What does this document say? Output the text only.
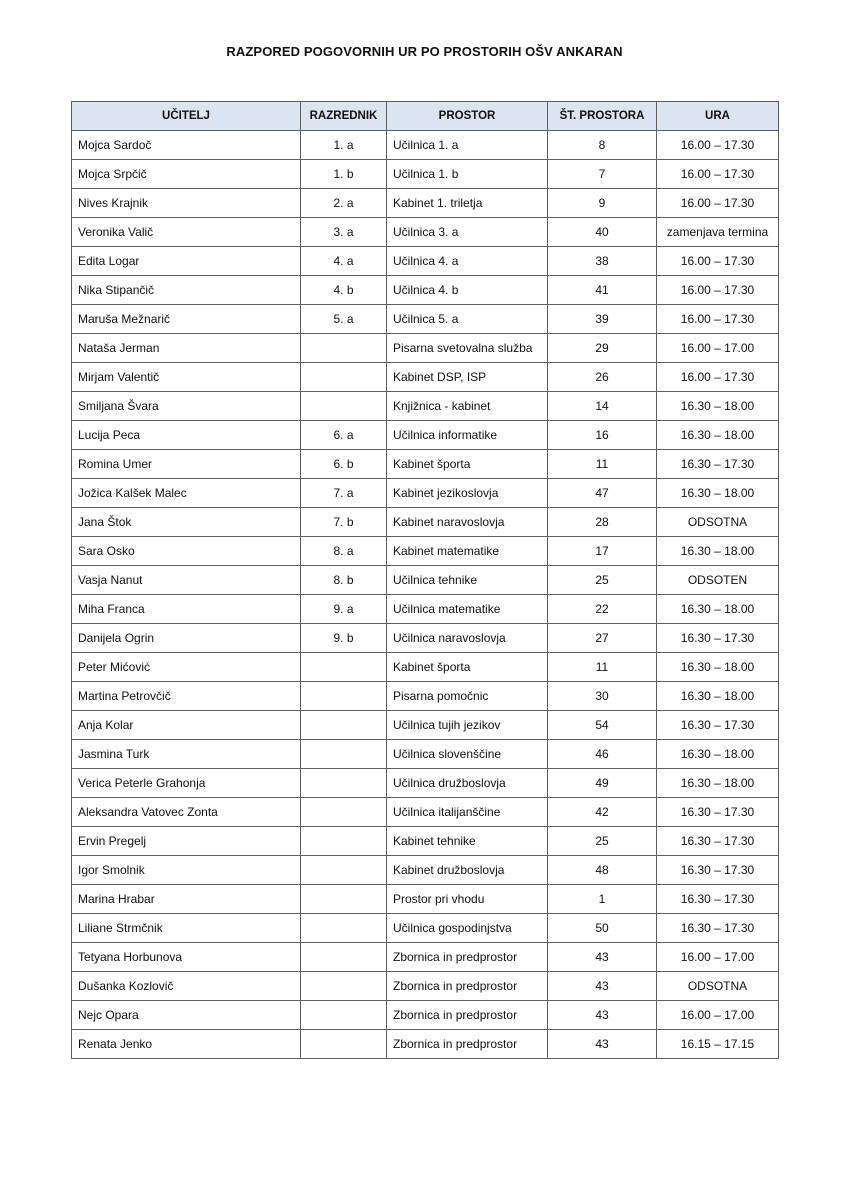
RAZPORED POGOVORNIH UR PO PROSTORIH OŠV ANKARAN
UČITELJ	RAZREDNIK	PROSTOR	ŠT. PROSTORA	URA
Mojca Sardoč	1. a	Učilnica 1. a	8	16.00 – 17.30
Mojca Srpčič	1. b	Učilnica 1. b	7	16.00 – 17.30
Nives Krajnik	2. a	Kabinet 1. triletja	9	16.00 – 17.30
Veronika Valič	3. a	Učilnica 3. a	40	zamenjava termina
Edita Logar	4. a	Učilnica 4. a	38	16.00 – 17.30
Nika Stipančič	4. b	Učilnica 4. b	41	16.00 – 17.30
Maruša Mežnarič	5. a	Učilnica 5. a	39	16.00 – 17.30
Nataša Jerman		Pisarna svetovalna služba	29	16.00 – 17.00
Mirjam Valentič		Kabinet DSP, ISP	26	16.00 – 17.30
Smiljana Švara		Knjižnica - kabinet	14	16.30 – 18.00
Lucija Peca	6. a	Učilnica informatike	16	16.30 – 18.00
Romina Umer	6. b	Kabinet športa	11	16.30 – 17.30
Jožica Kalšek Malec	7. a	Kabinet jezikoslovja	47	16.30 – 18.00
Jana Štok	7. b	Kabinet naravoslovja	28	ODSOTNA
Sara Osko	8. a	Kabinet matematike	17	16.30 – 18.00
Vasja Nanut	8. b	Učilnica tehnike	25	ODSOTEN
Miha Franca	9. a	Učilnica matematike	22	16.30 – 18.00
Danijela Ogrin	9. b	Učilnica naravoslovja	27	16.30 – 17.30
Peter Mićović		Kabinet športa	11	16.30 – 18.00
Martina Petrovčič		Pisarna pomočnic	30	16.30 – 18.00
Anja Kolar		Učilnica tujih jezikov	54	16.30 – 17.30
Jasmina Turk		Učilnica slovenščine	46	16.30 – 18.00
Verica Peterle Grahonja		Učilnica družboslovja	49	16.30 – 18.00
Aleksandra Vatovec Zonta		Učilnica italijanščine	42	16.30 – 17.30
Ervin Pregelj		Kabinet tehnike	25	16.30 – 17.30
Igor Smolnik		Kabinet družboslovja	48	16.30 – 17.30
Marina Hrabar		Prostor pri vhodu	1	16.30 – 17.30
Liliane Strmčnik		Učilnica gospodinjstva	50	16.30 – 17.30
Tetyana Horbunova		Zbornica in predprostor	43	16.00 – 17.00
Dušanka Kozlovič		Zbornica in predprostor	43	ODSOTNA
Nejc Opara		Zbornica in predprostor	43	16.00 – 17.00
Renata Jenko		Zbornica in predprostor	43	16.15 – 17.15
